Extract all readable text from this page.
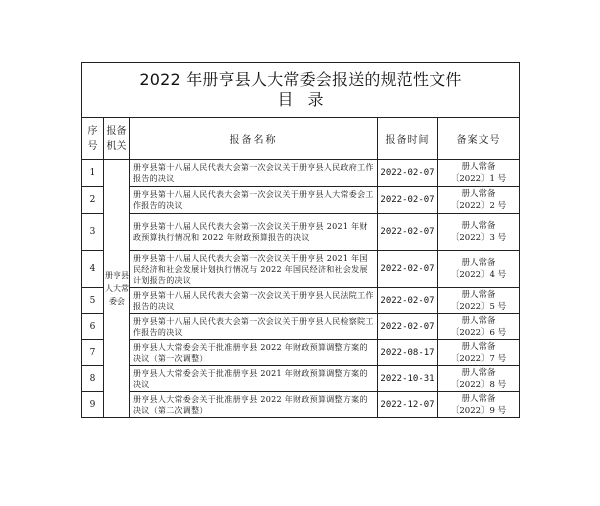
2022 年册亨县人大常委会报送的规范性文件
目录				

序号	报备机关	报备名称	报备时间	备案文号
1	册亨县人大常委会	册亨县第十八届人民代表大会第一次会议关于册亨县人民政府工作报告的决议	2022-02-07	册人常备
〔2022〕1 号

2		册亨县第十八届人民代表大会第一次会议关于册亨县人大常委会工作报告的决议	2022-02-07	册人常备
〔2022〕2 号

3		册亨县第十八届人民代表大会第一次会议关于册亨县 2021 年财政预算执行情况和 2022 年财政预算报告的决议	2022-02-07	册人常备
〔2022〕3 号

4		册亨县第十八届人民代表大会第一次会议关于册亨县 2021 年国民经济和社会发展计划执行情况与 2022 年国民经济和社会发展计划报告的决议	2022-02-07	册人常备
〔2022〕4 号

5		册亨县第十八届人民代表大会第一次会议关于册亨县人民法院工作报告的决议	2022-02-07	册人常备
〔2022〕5 号

6		册亨县第十八届人民代表大会第一次会议关于册亨县人民检察院工作报告的决议	2022-02-07	册人常备
〔2022〕6 号

7		册亨县人大常委会关于批准册亨县 2022 年财政预算调整方案的决议（第一次调整）	2022-08-17	册人常备
〔2022〕7 号

8		册亨县人大常委会关于批准册亨县 2021 年财政预算调整方案的决议	2022-10-31	册人常备
〔2022〕8 号

9		册亨县人大常委会关于批准册亨县 2022 年财政预算调整方案的决议（第二次调整）	2022-12-07	册人常备
〔2022〕9 号
